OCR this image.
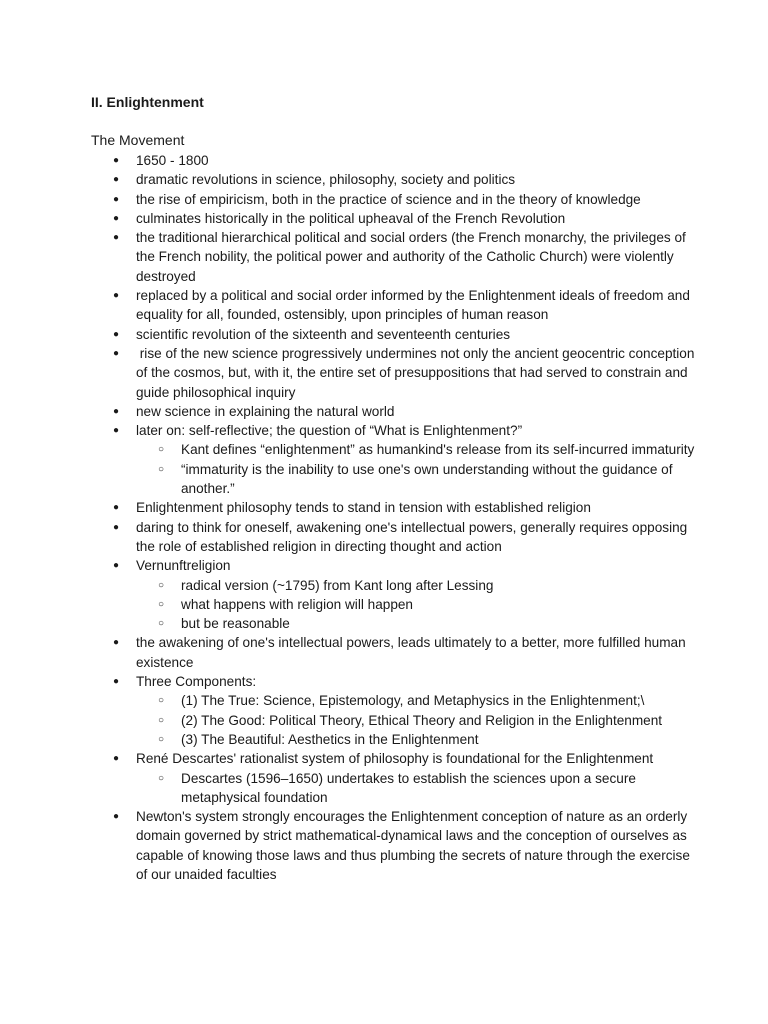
II. Enlightenment

The Movement

● 1650 - 1800
● dramatic revolutions in science, philosophy, society and politics
● the rise of empiricism, both in the practice of science and in the theory of knowledge
● culminates historically in the political upheaval of the French Revolution
● the traditional hierarchical political and social orders (the French monarchy, the privileges of the French nobility, the political power and authority of the Catholic Church) were violently destroyed
● replaced by a political and social order informed by the Enlightenment ideals of freedom and equality for all, founded, ostensibly, upon principles of human reason
● scientific revolution of the sixteenth and seventeenth centuries
● rise of the new science progressively undermines not only the ancient geocentric conception of the cosmos, but, with it, the entire set of presuppositions that had served to constrain and guide philosophical inquiry
● new science in explaining the natural world
● later on: self-reflective; the question of “What is Enlightenment?”
○ Kant defines “enlightenment” as humankind's release from its self-incurred immaturity
○ “immaturity is the inability to use one's own understanding without the guidance of another.”
● Enlightenment philosophy tends to stand in tension with established religion
● daring to think for oneself, awakening one's intellectual powers, generally requires opposing the role of established religion in directing thought and action
● Vernunftreligion
○ radical version (~1795) from Kant long after Lessing
○ what happens with religion will happen
○ but be reasonable
● the awakening of one's intellectual powers, leads ultimately to a better, more fulfilled human existence
● Three Components:
○ (1) The True: Science, Epistemology, and Metaphysics in the Enlightenment;\
○ (2) The Good: Political Theory, Ethical Theory and Religion in the Enlightenment
○ (3) The Beautiful: Aesthetics in the Enlightenment
● René Descartes' rationalist system of philosophy is foundational for the Enlightenment
○ Descartes (1596–1650) undertakes to establish the sciences upon a secure metaphysical foundation
● Newton's system strongly encourages the Enlightenment conception of nature as an orderly domain governed by strict mathematical-dynamical laws and the conception of ourselves as capable of knowing those laws and thus plumbing the secrets of nature through the exercise of our unaided faculties
